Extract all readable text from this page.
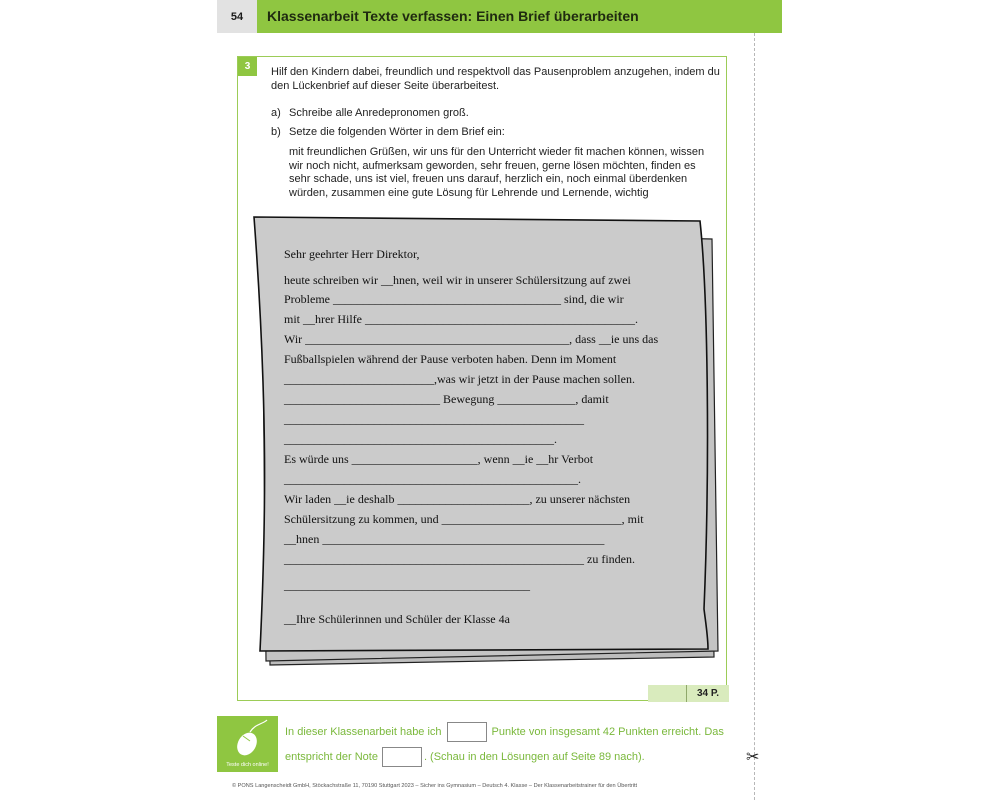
54	Klassenarbeit Texte verfassen: Einen Brief überarbeiten
✂
3	Hilf den Kindern dabei, freundlich und respektvoll das Pausenproblem anzugehen, indem du den Lückenbrief auf dieser Seite überarbeitest.
a) Schreibe alle Anredepronomen groß.
b) Setze die folgenden Wörter in dem Brief ein:
mit freundlichen Grüßen, wir uns für den Unterricht wieder fit machen können, wissen wir noch nicht, aufmerksam geworden, sehr freuen, gerne lösen möchten, finden es sehr schade, uns ist viel, freuen uns darauf, herzlich ein, noch einmal überdenken würden, zusammen eine gute Lösung für Lehrende und Lernende, wichtig
Sehr geehrter Herr Direktor,
heute schreiben wir __hnen, weil wir in unserer Schülersitzung auf zwei
Probleme ______________________________________ sind, die wir
mit __hrer Hilfe _____________________________________________.
Wir ____________________________________________, dass __ie uns das
Fußballspielen während der Pause verboten haben. Denn im Moment
_________________________,was wir jetzt in der Pause machen sollen.
__________________________ Bewegung _____________, damit
__________________________________________________
_____________________________________________.
Es würde uns _____________________, wenn __ie __hr Verbot
_________________________________________________.
Wir laden __ie deshalb ______________________, zu unserer nächsten
Schülersitzung zu kommen, und ______________________________, mit
__hnen _______________________________________________
__________________________________________________ zu finden.
_________________________________________
__Ihre Schülerinnen und Schüler der Klasse 4a
34 P.
Teste dich online!
In dieser Klassenarbeit habe ich	Punkte von insgesamt 42 Punkten erreicht. Das
entspricht der Note	. (Schau in den Lösungen auf Seite 89 nach).
© PONS Langenscheidt GmbH, Stöckachstraße 11, 70190 Stuttgart 2023 – Sicher ins Gymnasium – Deutsch 4. Klasse – Der Klassenarbeitstrainer für den Übertritt
